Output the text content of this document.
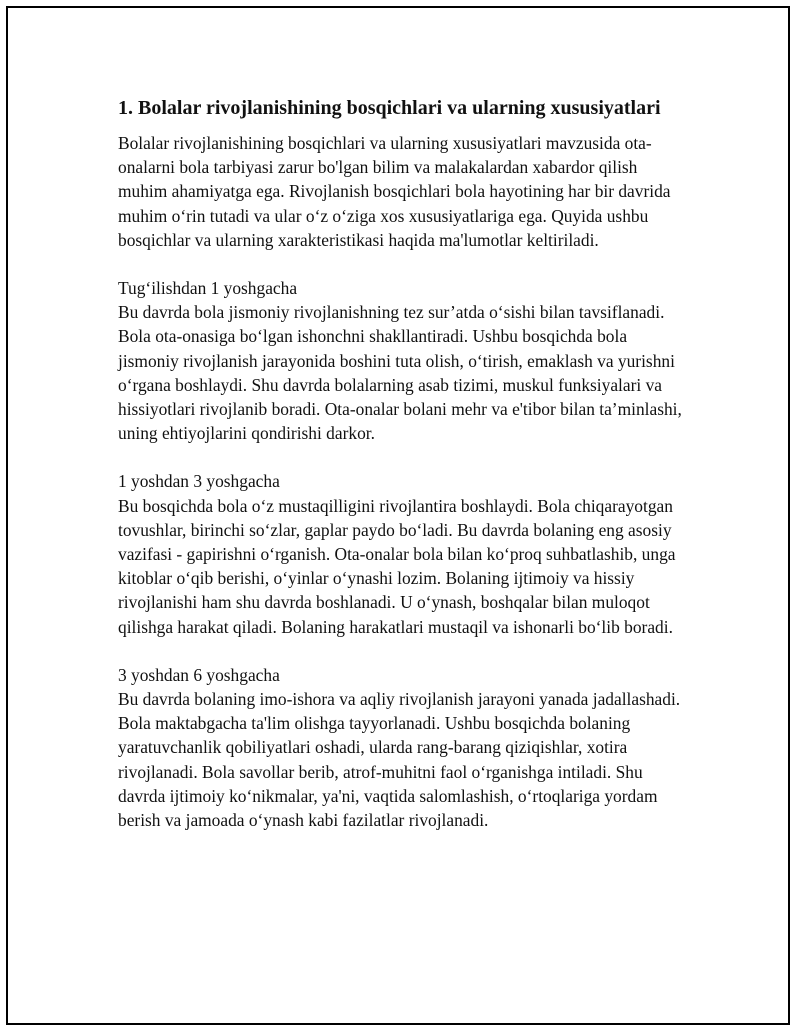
1. Bolalar rivojlanishining bosqichlari va ularning xususiyatlari

Bolalar rivojlanishining bosqichlari va ularning xususiyatlari mavzusida ota-onalarni bola tarbiyasi zarur bo'lgan bilim va malakalardan xabardor qilish muhim ahamiyatga ega. Rivojlanish bosqichlari bola hayotining har bir davrida muhim o‘rin tutadi va ular o‘z o‘ziga xos xususiyatlariga ega. Quyida ushbu bosqichlar va ularning xarakteristikasi haqida ma'lumotlar keltiriladi.

Tug‘ilishdan 1 yoshgacha

Bu davrda bola jismoniy rivojlanishning tez sur’atda o‘sishi bilan tavsiflanadi. Bola ota-onasiga bo‘lgan ishonchni shakllantiradi. Ushbu bosqichda bola jismoniy rivojlanish jarayonida boshini tuta olish, o‘tirish, emaklash va yurishni o‘rgana boshlaydi. Shu davrda bolalarning asab tizimi, muskul funksiyalari va hissiyotlari rivojlanib boradi. Ota-onalar bolani mehr va e'tibor bilan ta’minlashi, uning ehtiyojlarini qondirishi darkor.

1 yoshdan 3 yoshgacha

Bu bosqichda bola o‘z mustaqilligini rivojlantira boshlaydi. Bola chiqarayotgan tovushlar, birinchi so‘zlar, gaplar paydo bo‘ladi. Bu davrda bolaning eng asosiy vazifasi - gapirishni o‘rganish. Ota-onalar bola bilan ko‘proq suhbatlashib, unga kitoblar o‘qib berishi, o‘yinlar o‘ynashi lozim. Bolaning ijtimoiy va hissiy rivojlanishi ham shu davrda boshlanadi. U o‘ynash, boshqalar bilan muloqot qilishga harakat qiladi. Bolaning harakatlari mustaqil va ishonarli bo‘lib boradi.

3 yoshdan 6 yoshgacha

Bu davrda bolaning imo-ishora va aqliy rivojlanish jarayoni yanada jadallashadi. Bola maktabgacha ta'lim olishga tayyorlanadi. Ushbu bosqichda bolaning yaratuvchanlik qobiliyatlari oshadi, ularda rang-barang qiziqishlar, xotira rivojlanadi. Bola savollar berib, atrof-muhitni faol o‘rganishga intiladi. Shu davrda ijtimoiy ko‘nikmalar, ya'ni, vaqtida salomlashish, o‘rtoqlariga yordam berish va jamoada o‘ynash kabi fazilatlar rivojlanadi.
